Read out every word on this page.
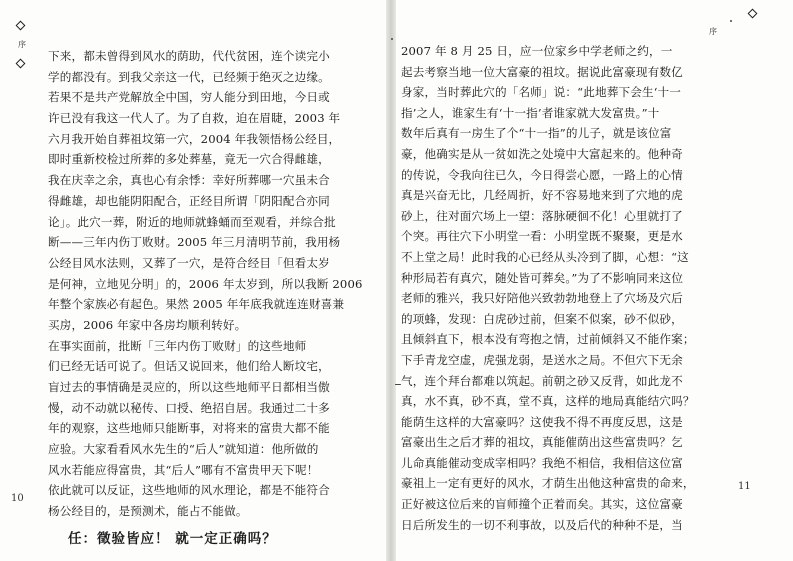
序
序
下来，都未曾得到风水的荫助，代代贫困，连个读完小
学的都没有。到我父亲这一代，已经频于绝灭之边缘。
若果不是共产党解放全中国，穷人能分到田地，今日或
许已没有我这一代人了。为了自救，迫在眉睫，2003 年
六月我开始自葬祖坟第一穴，2004 年我领悟杨公经目，
即时重新校检过所葬的多处葬墓，竟无一穴合得雌雄，
我在庆幸之余，真也心有余悸：幸好所葬哪一穴虽未合
得雌雄，却也能阴阳配合，正经目所谓「阴阳配合亦同
论」。此穴一葬，附近的地师就蜂蛹而至观看，并综合批
断——三年内伤丁败财。2005 年三月清明节前，我用杨
公经目风水法则，又葬了一穴，是符合经目「但看太岁
是何神，立地见分明」的，2006 年太岁到，所以我断 2006
年整个家族必有起色。果然 2005 年年底我就连连财喜兼
买房，2006 年家中各房均顺利转好。
在事实面前，批断「三年内伤丁败财」的这些地师
们已经无话可说了。但话又说回来，他们给人断坟宅，
盲过去的事情确是灵应的，所以这些地师平日都相当傲
慢，动不动就以秘传、口授、绝招自居。我通过二十多
年的观察，这些地师只能断事，对将来的富贵大都不能
应验。大家看看风水先生的“后人”就知道：他所做的
风水若能应得富贵，其“后人”哪有不富贵甲天下呢！
依此就可以反证，这些地师的风水理论，都是不能符合
杨公经目的，是预测术，能占不能做。
任：徵验皆应！ 就一定正确吗？
2007 年 8 月 25 日，应一位家乡中学老师之约，一
起去考察当地一位大富豪的祖坟。据说此富豪现有数亿
身家，当时葬此穴的「名师」说：“此地葬下会生‘十一
指’之人，谁家生有‘十一指’者谁家就大发富贵。”十
数年后真有一房生了个“十一指”的儿子，就是该位富
豪，他确实是从一贫如洗之处境中大富起来的。他种奇
的传说，令我向往已久，今日得尝心愿，一路上的心情
真是兴奋无比，几经周折，好不容易地来到了穴地的虎
砂上，往对面穴场上一望：落脉硬徊不化！心里就打了
个突。再往穴下小明堂一看：小明堂既不聚聚，更是水
不上堂之局！此时我的心已经从头冷到了脚，心想：“这
种形局若有真穴，随处皆可葬矣。”为了不影响同来这位
老师的雅兴，我只好陪他兴致勃勃地登上了穴场及穴后
的项蜂，发现：白虎砂过前，但案不似案，砂不似砂，
且倾斜直下，根本没有弯抱之情，过前倾斜又不能作案；
下手青龙空虚，虎强龙弱，是送水之局。不但穴下无余
气，连个拜台都难以筑起。前朝之砂又反背，如此龙不
真，水不真，砂不真，堂不真，这样的地局真能结穴吗？
能荫生这样的大富豪吗？这使我不得不再度反思，这是
富豪出生之后才葬的祖坟，真能催荫出这些富贵吗？乞
儿命真能催动变成宰相吗？我绝不相信，我相信这位富
豪祖上一定有更好的风水，才荫生出他这种富贵的命来，
正好被这位后来的盲师撞个正着而矣。其实，这位富豪
日后所发生的一切不利事故，以及后代的种种不是，当
10
11
